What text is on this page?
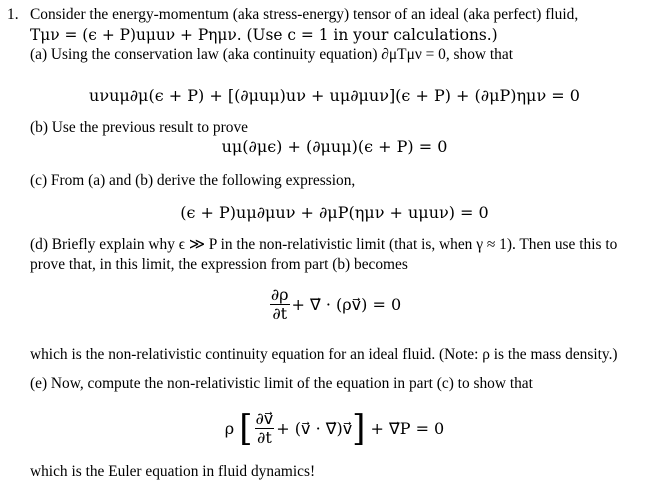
1. Consider the energy-momentum (aka stress-energy) tensor of an ideal (aka perfect) fluid,
Tμν = (ϵ + P)uμuν + Pημν. (Use c = 1 in your calculations.)
(a) Using the conservation law (aka continuity equation) ∂μTμν = 0, show that
uνuμ∂μ(ϵ + P) + [(∂μuμ)uν + uμ∂μuν](ϵ + P) + (∂μP)ημν = 0
(b) Use the previous result to prove
uμ(∂μϵ) + (∂μuμ)(ϵ + P) = 0
(c) From (a) and (b) derive the following expression,
(ϵ + P)uμ∂μuν + ∂μP(ημν + uμuν) = 0
(d) Briefly explain why ϵ ≫ P in the non-relativistic limit (that is, when γ ≈ 1). Then use this to
prove that, in this limit, the expression from part (b) becomes
$\frac{\partial\rho}{\partial t}$ + ∇⃗ · (ρv⃗) = 0
which is the non-relativistic continuity equation for an ideal fluid. (Note: ρ is the mass density.)
(e) Now, compute the non-relativistic limit of the equation in part (c) to show that
ρ [ $\frac{\partial v⃗}{\partial t}$ + (v⃗ · ∇⃗)v⃗] + ∇⃗P = 0
which is the Euler equation in fluid dynamics!
